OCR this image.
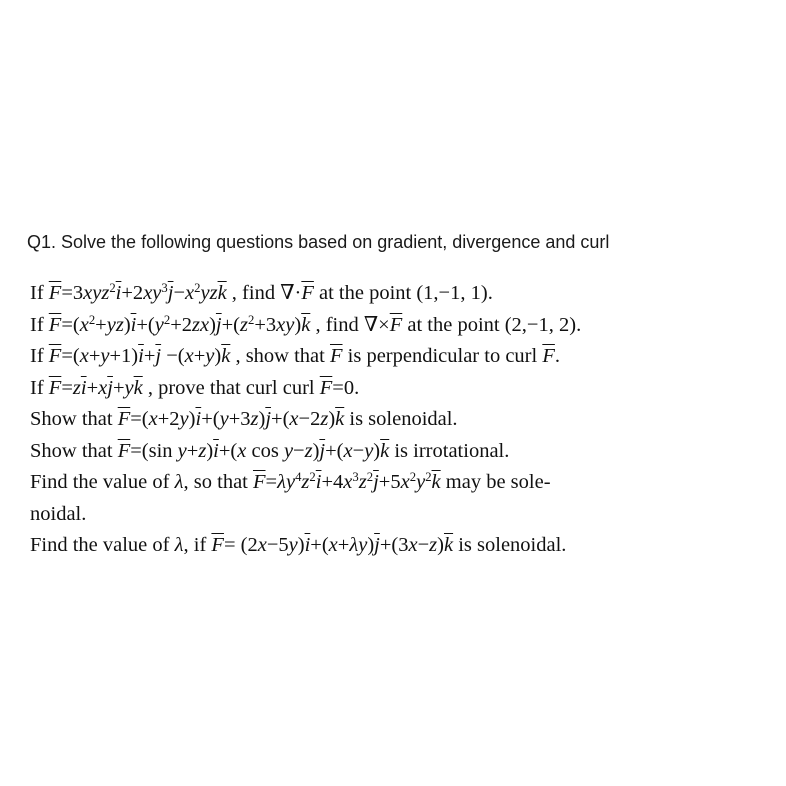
Q1. Solve the following questions based on gradient, divergence and curl

If $\overline{F}=3xyz^2\overline{i}+2xy^3\overline{j}-x^2yz\overline{k}$ , find $\nabla\cdot\overline{F}$ at the point (1,−1, 1).

If $\overline{F}=(x^2+yz)\overline{i}+(y^2+2zx)\overline{j}+(z^2+3xy)\overline{k}$ , find $\nabla\times\overline{F}$ at the point (2,−1, 2).

If $\overline{F}=(x+y+1)\overline{i}+\overline{j} -(x+y)\overline{k}$ , show that $\overline{F}$ is perpendicular to curl $\overline{F}$.

If $\overline{F}=z\overline{i}+x\overline{j}+y\overline{k}$ , prove that curl curl $\overline{F}=0$.

Show that $\overline{F}=(x+2y)\overline{i}+(y+3z)\overline{j}+(x-2z)\overline{k}$ is solenoidal.

Show that $\overline{F}=(\sin$ $y+z)\overline{i}+(x$ $\cos y-z)\overline{j}+(x-y)\overline{k}$ is irrotational.

Find the value of λ, so that $\overline{F}=\lambda y^4z^2\overline{i}+4x^3z^2\overline{j}+5x^2y^2\overline{k}$ may be sole-
noidal.

Find the value of λ, if $\overline{F}= (2x-5y)\overline{i}+(x+\lambda y)\overline{j}+(3x-z)\overline{k}$ is solenoidal.
